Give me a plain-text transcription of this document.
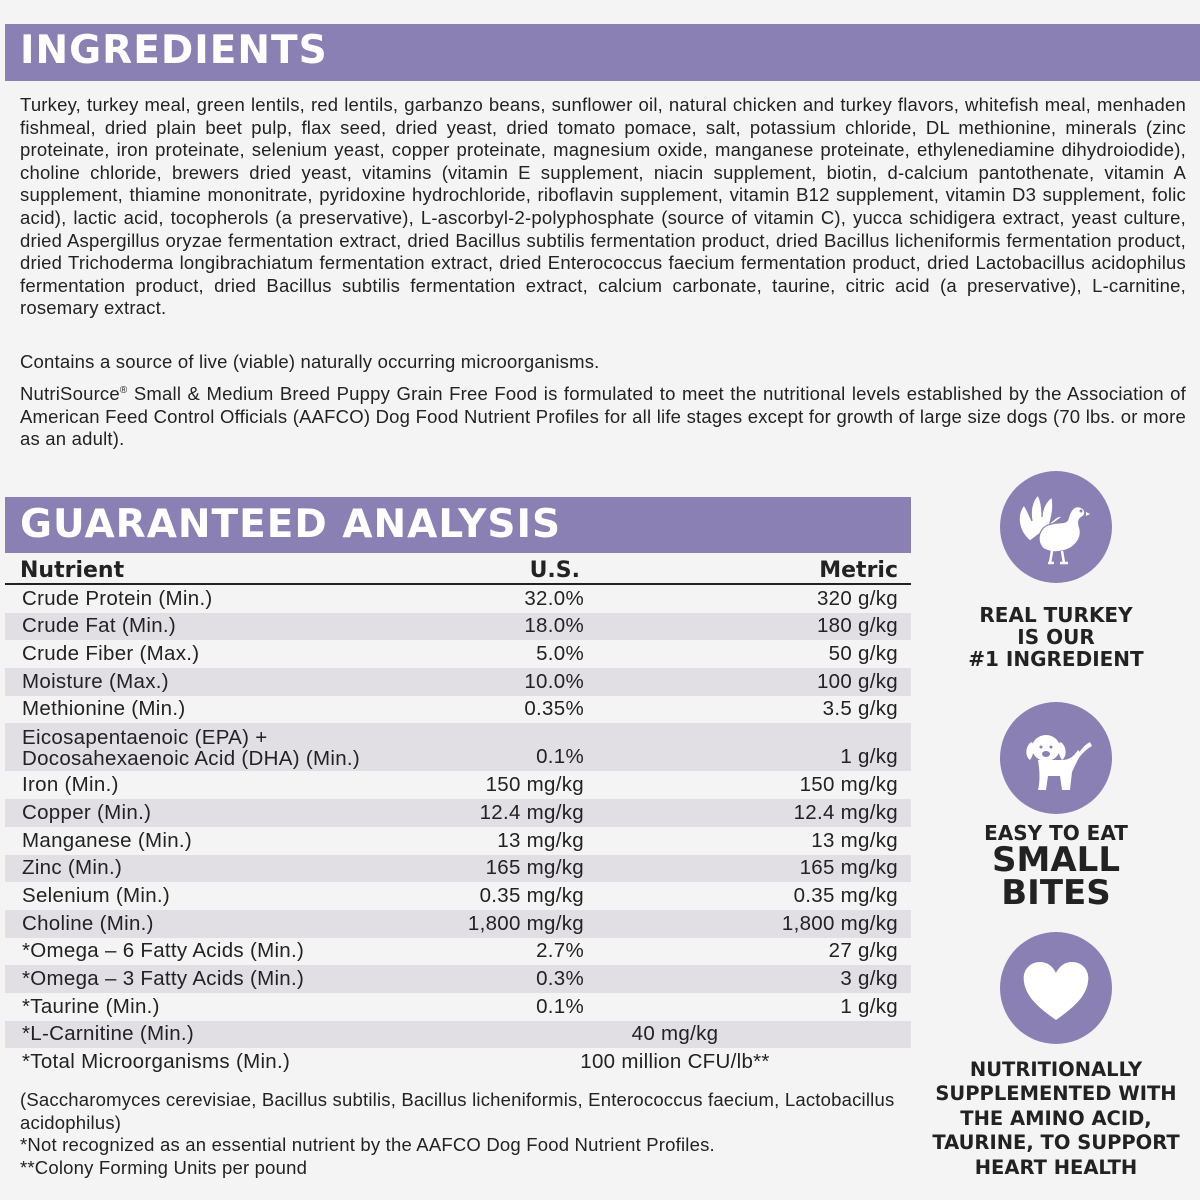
INGREDIENTS

Turkey, turkey meal, green lentils, red lentils, garbanzo beans, sunflower oil, natural chicken and turkey flavors, whitefish meal, menhaden fishmeal, dried plain beet pulp, flax seed, dried yeast, dried tomato pomace, salt, potassium chloride, DL methionine, minerals (zinc proteinate, iron proteinate, selenium yeast, copper proteinate, magnesium oxide, manganese proteinate, ethylenediamine dihydroiodide), choline chloride, brewers dried yeast, vitamins (vitamin E supplement, niacin supplement, biotin, d-calcium pantothenate, vitamin A supplement, thiamine mononitrate, pyridoxine hydrochloride, riboflavin supplement, vitamin B12 supplement, vitamin D3 supplement, folic acid), lactic acid, tocopherols (a preservative), L-ascorbyl-2-polyphosphate (source of vitamin C), yucca schidigera extract, yeast culture, dried Aspergillus oryzae fermentation extract, dried Bacillus subtilis fermentation product, dried Bacillus licheniformis fermentation product, dried Trichoderma longibrachiatum fermentation extract, dried Enterococcus faecium fermentation product, dried Lactobacillus acidophilus fermentation product, dried Bacillus subtilis fermentation extract, calcium carbonate, taurine, citric acid (a preservative), L-carnitine, rosemary extract.

Contains a source of live (viable) naturally occurring microorganisms.

NutriSource® Small & Medium Breed Puppy Grain Free Food is formulated to meet the nutritional levels established by the Association of American Feed Control Officials (AAFCO) Dog Food Nutrient Profiles for all life stages except for growth of large size dogs (70 lbs. or more as an adult).

GUARANTEED ANALYSIS
Nutrient	U.S.	Metric
Crude Protein (Min.)	32.0%	320 g/kg
Crude Fat (Min.)	18.0%	180 g/kg
Crude Fiber (Max.)	5.0%	50 g/kg
Moisture (Max.)	10.0%	100 g/kg
Methionine (Min.)	0.35%	3.5 g/kg
Eicosapentaenoic (EPA) +
Docosahexaenoic Acid (DHA) (Min.)	0.1%	1 g/kg
Iron (Min.)	150 mg/kg	150 mg/kg
Copper (Min.)	12.4 mg/kg	12.4 mg/kg
Manganese (Min.)	13 mg/kg	13 mg/kg
Zinc (Min.)	165 mg/kg	165 mg/kg
Selenium (Min.)	0.35 mg/kg	0.35 mg/kg
Choline (Min.)	1,800 mg/kg	1,800 mg/kg
*Omega – 6 Fatty Acids (Min.)	2.7%	27 g/kg
*Omega – 3 Fatty Acids (Min.)	0.3%	3 g/kg
*Taurine (Min.)	0.1%	1 g/kg
*L-Carnitine (Min.)	40 mg/kg
*Total Microorganisms (Min.)	100 million CFU/lb**
(Saccharomyces cerevisiae, Bacillus subtilis, Bacillus licheniformis, Enterococcus faecium, Lactobacillus acidophilus)
*Not recognized as an essential nutrient by the AAFCO Dog Food Nutrient Profiles.
**Colony Forming Units per pound
REAL TURKEY
IS OUR
#1 INGREDIENT
EASY TO EAT
SMALL
BITES
NUTRITIONALLY
SUPPLEMENTED WITH
THE AMINO ACID,
TAURINE, TO SUPPORT
HEART HEALTH
